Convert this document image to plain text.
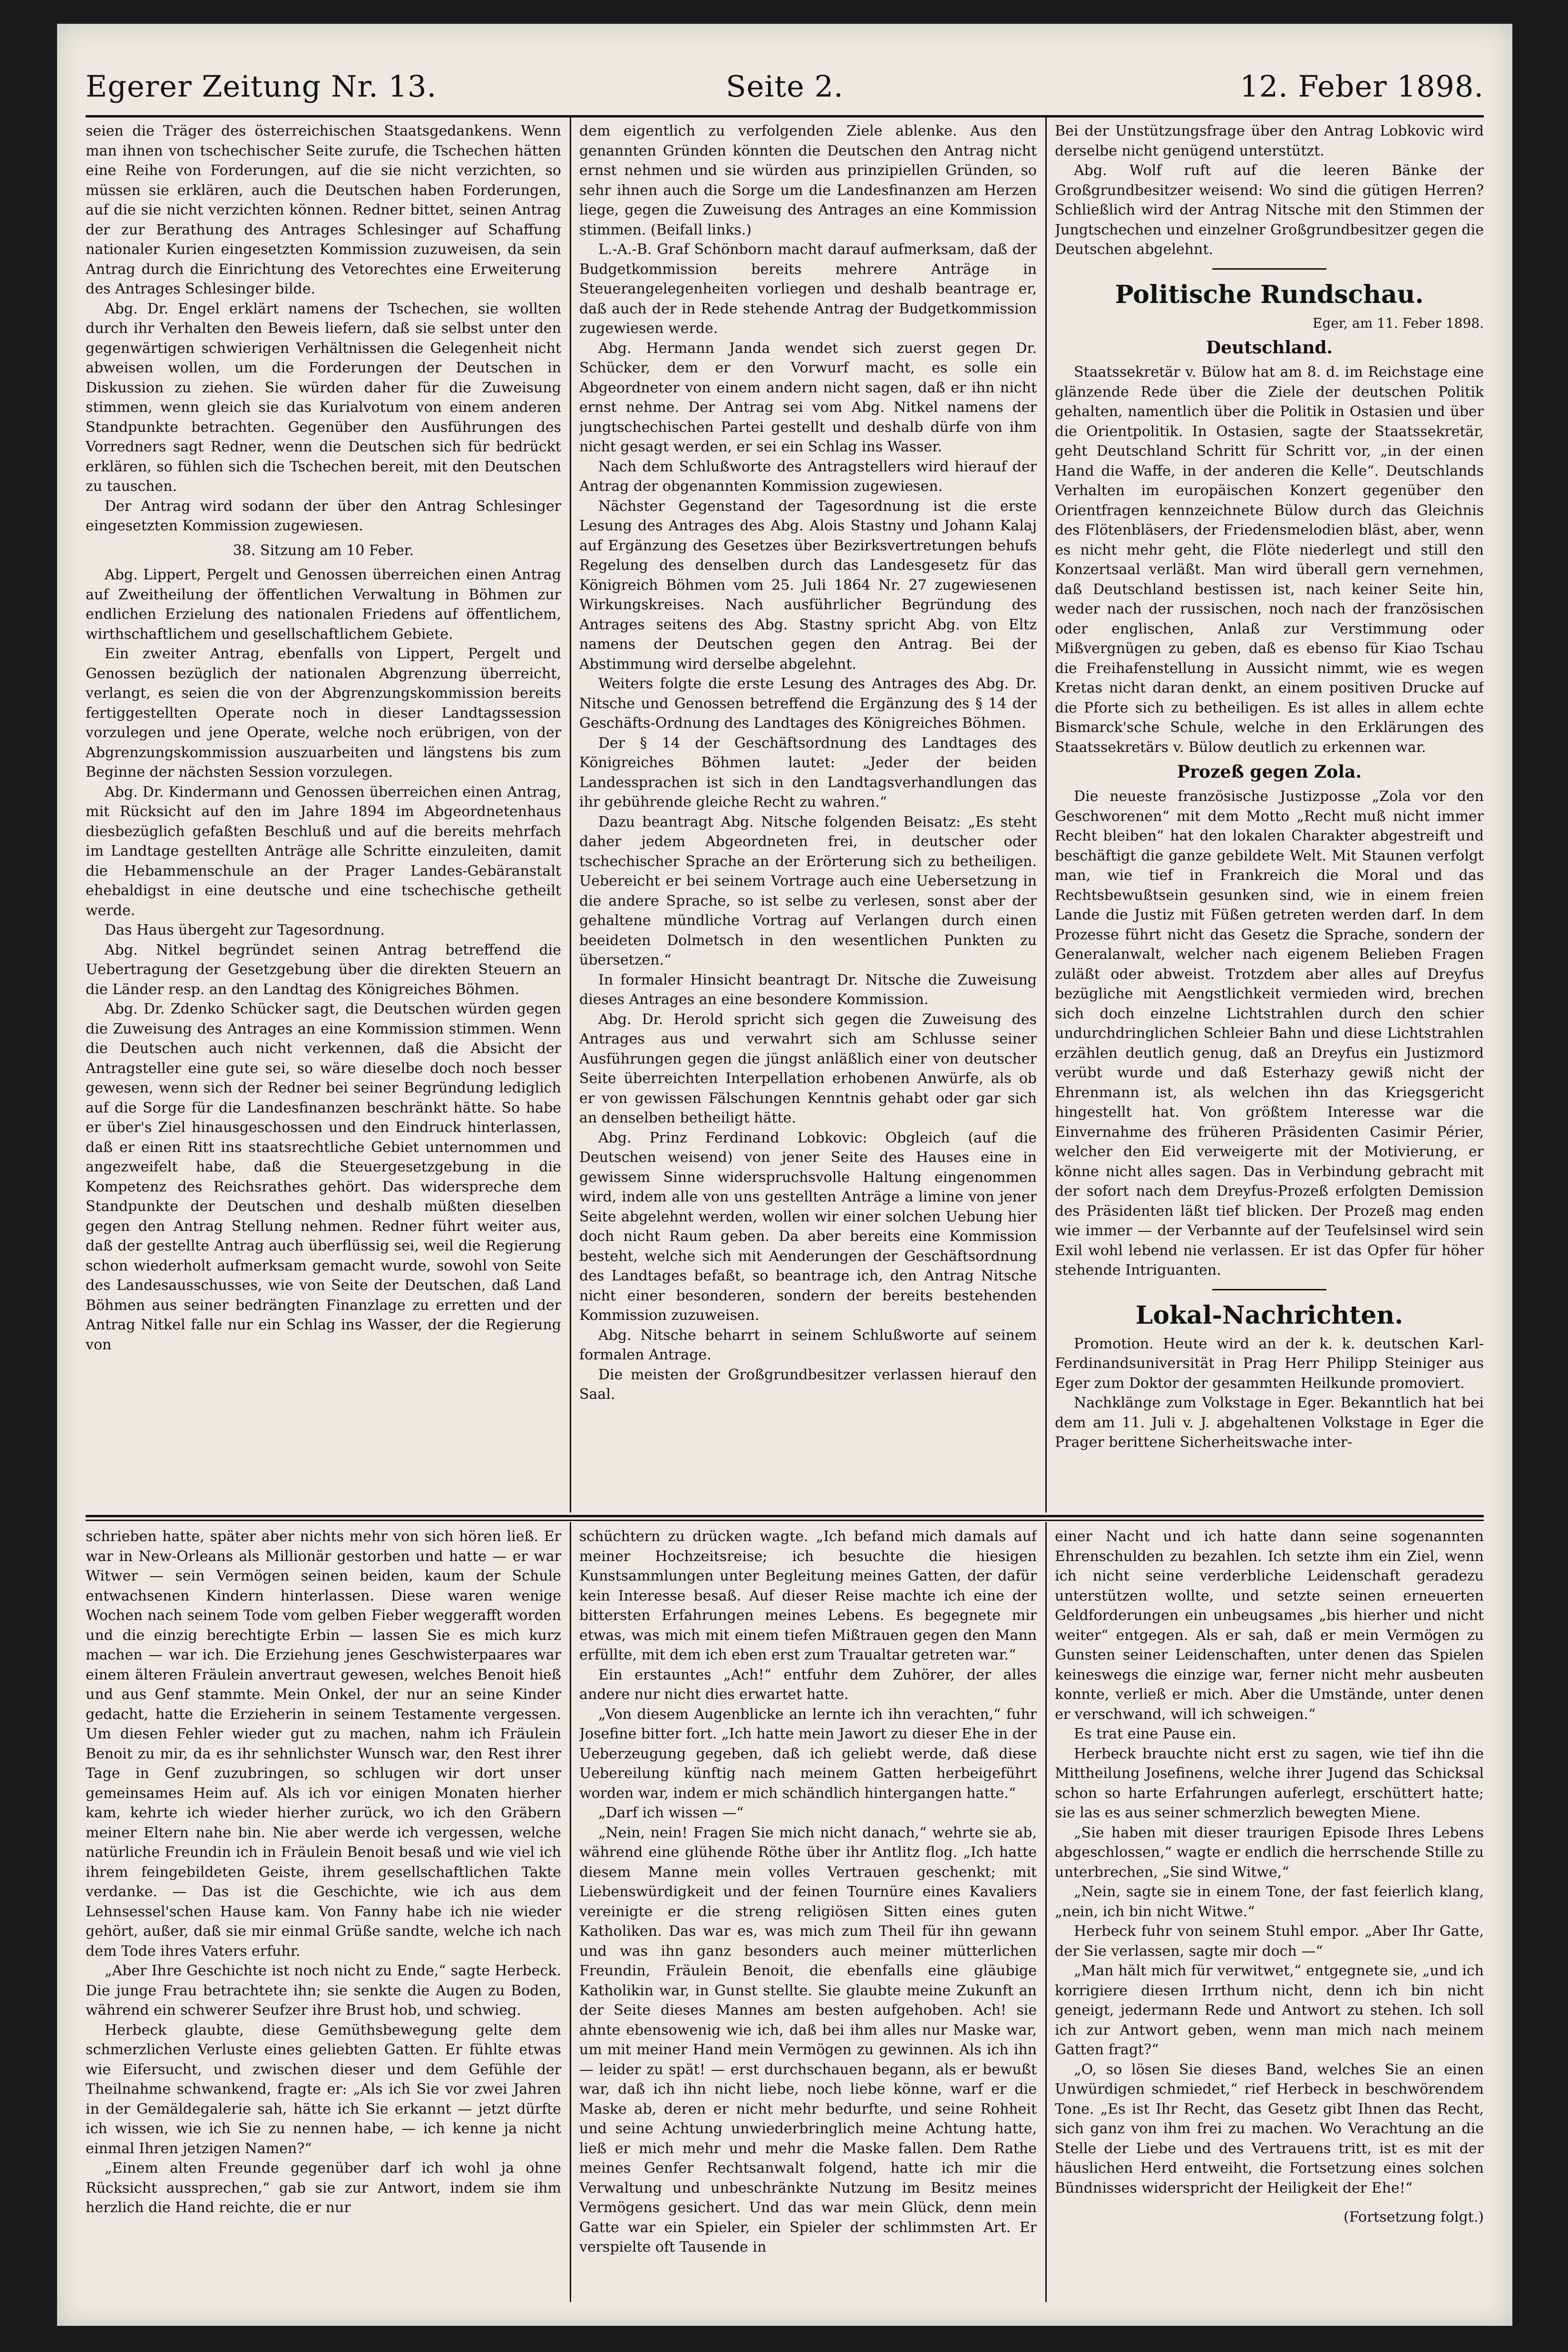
Egerer Zeitung Nr. 13.	Seite 2.	12. Feber 1898.

seien die Träger des österreichischen Staatsgedankens. Wenn man ihnen von tschechischer Seite zurufe, die Tschechen hätten eine Reihe von Forderungen, auf die sie nicht verzichten, so müssen sie erklären, auch die Deutschen haben Forderungen, auf die sie nicht verzichten können. Redner bittet, seinen Antrag der zur Berathung des Antrages Schlesinger auf Schaffung nationaler Kurien eingesetzten Kommission zuzuweisen, da sein Antrag durch die Einrichtung des Vetorechtes eine Erweiterung des Antrages Schlesinger bilde.

Abg. Dr. Engel erklärt namens der Tschechen, sie wollten durch ihr Verhalten den Beweis liefern, daß sie selbst unter den gegenwärtigen schwierigen Verhältnissen die Gelegenheit nicht abweisen wollen, um die Forderungen der Deutschen in Diskussion zu ziehen. Sie würden daher für die Zuweisung stimmen, wenn gleich sie das Kurialvotum von einem anderen Standpunkte betrachten. Gegenüber den Ausführungen des Vorredners sagt Redner, wenn die Deutschen sich für bedrückt erklären, so fühlen sich die Tschechen bereit, mit den Deutschen zu tauschen.

Der Antrag wird sodann der über den Antrag Schlesinger eingesetzten Kommission zugewiesen.

38. Sitzung am 10 Feber.

Abg. Lippert, Pergelt und Genossen überreichen einen Antrag auf Zweitheilung der öffentlichen Verwaltung in Böhmen zur endlichen Erzielung des nationalen Friedens auf öffentlichem, wirthschaftlichem und gesellschaftlichem Gebiete.

Ein zweiter Antrag, ebenfalls von Lippert, Pergelt und Genossen bezüglich der nationalen Abgrenzung überreicht, verlangt, es seien die von der Abgrenzungskommission bereits fertiggestellten Operate noch in dieser Landtagssession vorzulegen und jene Operate, welche noch erübrigen, von der Abgrenzungskommission auszuarbeiten und längstens bis zum Beginne der nächsten Session vorzulegen.

Abg. Dr. Kindermann und Genossen überreichen einen Antrag, mit Rücksicht auf den im Jahre 1894 im Abgeordnetenhaus diesbezüglich gefaßten Beschluß und auf die bereits mehrfach im Landtage gestellten Anträge alle Schritte einzuleiten, damit die Hebammenschule an der Prager Landes-Gebäranstalt ehebaldigst in eine deutsche und eine tschechische getheilt werde.

Das Haus übergeht zur Tagesordnung.

Abg. Nitkel begründet seinen Antrag betreffend die Uebertragung der Gesetzgebung über die direkten Steuern an die Länder resp. an den Landtag des Königreiches Böhmen.

Abg. Dr. Zdenko Schücker sagt, die Deutschen würden gegen die Zuweisung des Antrages an eine Kommission stimmen. Wenn die Deutschen auch nicht verkennen, daß die Absicht der Antragsteller eine gute sei, so wäre dieselbe doch noch besser gewesen, wenn sich der Redner bei seiner Begründung lediglich auf die Sorge für die Landesfinanzen beschränkt hätte. So habe er über's Ziel hinausgeschossen und den Eindruck hinterlassen, daß er einen Ritt ins staatsrechtliche Gebiet unternommen und angezweifelt habe, daß die Steuergesetzgebung in die Kompetenz des Reichsrathes gehört. Das widerspreche dem Standpunkte der Deutschen und deshalb müßten dieselben gegen den Antrag Stellung nehmen. Redner führt weiter aus, daß der gestellte Antrag auch überflüssig sei, weil die Regierung schon wiederholt aufmerksam gemacht wurde, sowohl von Seite des Landesausschusses, wie von Seite der Deutschen, daß Land Böhmen aus seiner bedrängten Finanzlage zu erretten und der Antrag Nitkel falle nur ein Schlag ins Wasser, der die Regierung von

dem eigentlich zu verfolgenden Ziele ablenke. Aus den genannten Gründen könnten die Deutschen den Antrag nicht ernst nehmen und sie würden aus prinzipiellen Gründen, so sehr ihnen auch die Sorge um die Landesfinanzen am Herzen liege, gegen die Zuweisung des Antrages an eine Kommission stimmen. (Beifall links.)

L.-A.-B. Graf Schönborn macht darauf aufmerksam, daß der Budgetkommission bereits mehrere Anträge in Steuerangelegenheiten vorliegen und deshalb beantrage er, daß auch der in Rede stehende Antrag der Budgetkommission zugewiesen werde.

Abg. Hermann Janda wendet sich zuerst gegen Dr. Schücker, dem er den Vorwurf macht, es solle ein Abgeordneter von einem andern nicht sagen, daß er ihn nicht ernst nehme. Der Antrag sei vom Abg. Nitkel namens der jungtschechischen Partei gestellt und deshalb dürfe von ihm nicht gesagt werden, er sei ein Schlag ins Wasser.

Nach dem Schlußworte des Antragstellers wird hierauf der Antrag der obgenannten Kommission zugewiesen.

Nächster Gegenstand der Tagesordnung ist die erste Lesung des Antrages des Abg. Alois Stastny und Johann Kalaj auf Ergänzung des Gesetzes über Bezirksvertretungen behufs Regelung des denselben durch das Landesgesetz für das Königreich Böhmen vom 25. Juli 1864 Nr. 27 zugewiesenen Wirkungskreises. Nach ausführlicher Begründung des Antrages seitens des Abg. Stastny spricht Abg. von Eltz namens der Deutschen gegen den Antrag. Bei der Abstimmung wird derselbe abgelehnt.

Weiters folgte die erste Lesung des Antrages des Abg. Dr. Nitsche und Genossen betreffend die Ergänzung des § 14 der Geschäfts-Ordnung des Landtages des Königreiches Böhmen.

Der § 14 der Geschäftsordnung des Landtages des Königreiches Böhmen lautet: „Jeder der beiden Landessprachen ist sich in den Landtagsverhandlungen das ihr gebührende gleiche Recht zu wahren.“

Dazu beantragt Abg. Nitsche folgenden Beisatz: „Es steht daher jedem Abgeordneten frei, in deutscher oder tschechischer Sprache an der Erörterung sich zu betheiligen. Uebereicht er bei seinem Vortrage auch eine Uebersetzung in die andere Sprache, so ist selbe zu verlesen, sonst aber der gehaltene mündliche Vortrag auf Verlangen durch einen beeideten Dolmetsch in den wesentlichen Punkten zu übersetzen.“

In formaler Hinsicht beantragt Dr. Nitsche die Zuweisung dieses Antrages an eine besondere Kommission.

Abg. Dr. Herold spricht sich gegen die Zuweisung des Antrages aus und verwahrt sich am Schlusse seiner Ausführungen gegen die jüngst anläßlich einer von deutscher Seite überreichten Interpellation erhobenen Anwürfe, als ob er von gewissen Fälschungen Kenntnis gehabt oder gar sich an denselben betheiligt hätte.

Abg. Prinz Ferdinand Lobkovic: Obgleich (auf die Deutschen weisend) von jener Seite des Hauses eine in gewissem Sinne widerspruchsvolle Haltung eingenommen wird, indem alle von uns gestellten Anträge a limine von jener Seite abgelehnt werden, wollen wir einer solchen Uebung hier doch nicht Raum geben. Da aber bereits eine Kommission besteht, welche sich mit Aenderungen der Geschäftsordnung des Landtages befaßt, so beantrage ich, den Antrag Nitsche nicht einer besonderen, sondern der bereits bestehenden Kommission zuzuweisen.

Abg. Nitsche beharrt in seinem Schlußworte auf seinem formalen Antrage.

Die meisten der Großgrundbesitzer verlassen hierauf den Saal.

Bei der Unstützungsfrage über den Antrag Lobkovic wird derselbe nicht genügend unterstützt.

Abg. Wolf ruft auf die leeren Bänke der Großgrundbesitzer weisend: Wo sind die gütigen Herren? Schließlich wird der Antrag Nitsche mit den Stimmen der Jungtschechen und einzelner Großgrundbesitzer gegen die Deutschen abgelehnt.

Politische Rundschau.
Eger, am 11. Feber 1898.
Deutschland.

Staatssekretär v. Bülow hat am 8. d. im Reichstage eine glänzende Rede über die Ziele der deutschen Politik gehalten, namentlich über die Politik in Ostasien und über die Orientpolitik. In Ostasien, sagte der Staatssekretär, geht Deutschland Schritt für Schritt vor, „in der einen Hand die Waffe, in der anderen die Kelle“. Deutschlands Verhalten im europäischen Konzert gegenüber den Orientfragen kennzeichnete Bülow durch das Gleichnis des Flötenbläsers, der Friedensmelodien bläst, aber, wenn es nicht mehr geht, die Flöte niederlegt und still den Konzertsaal verläßt. Man wird überall gern vernehmen, daß Deutschland bestissen ist, nach keiner Seite hin, weder nach der russischen, noch nach der französischen oder englischen, Anlaß zur Verstimmung oder Mißvergnügen zu geben, daß es ebenso für Kiao Tschau die Freihafenstellung in Aussicht nimmt, wie es wegen Kretas nicht daran denkt, an einem positiven Drucke auf die Pforte sich zu betheiligen. Es ist alles in allem echte Bismarck'sche Schule, welche in den Erklärungen des Staatssekretärs v. Bülow deutlich zu erkennen war.

Prozeß gegen Zola.

Die neueste französische Justizposse „Zola vor den Geschworenen“ mit dem Motto „Recht muß nicht immer Recht bleiben“ hat den lokalen Charakter abgestreift und beschäftigt die ganze gebildete Welt. Mit Staunen verfolgt man, wie tief in Frankreich die Moral und das Rechtsbewußtsein gesunken sind, wie in einem freien Lande die Justiz mit Füßen getreten werden darf. In dem Prozesse führt nicht das Gesetz die Sprache, sondern der Generalanwalt, welcher nach eigenem Belieben Fragen zuläßt oder abweist. Trotzdem aber alles auf Dreyfus bezügliche mit Aengstlichkeit vermieden wird, brechen sich doch einzelne Lichtstrahlen durch den schier undurchdringlichen Schleier Bahn und diese Lichtstrahlen erzählen deutlich genug, daß an Dreyfus ein Justizmord verübt wurde und daß Esterhazy gewiß nicht der Ehrenmann ist, als welchen ihn das Kriegsgericht hingestellt hat. Von größtem Interesse war die Einvernahme des früheren Präsidenten Casimir Périer, welcher den Eid verweigerte mit der Motivierung, er könne nicht alles sagen. Das in Verbindung gebracht mit der sofort nach dem Dreyfus-Prozeß erfolgten Demission des Präsidenten läßt tief blicken. Der Prozeß mag enden wie immer — der Verbannte auf der Teufelsinsel wird sein Exil wohl lebend nie verlassen. Er ist das Opfer für höher stehende Intriguanten.

Lokal-Nachrichten.

Promotion. Heute wird an der k. k. deutschen Karl-Ferdinandsuniversität in Prag Herr Philipp Steiniger aus Eger zum Doktor der gesammten Heilkunde promoviert.

Nachklänge zum Volkstage in Eger. Bekanntlich hat bei dem am 11. Juli v. J. abgehaltenen Volkstage in Eger die Prager berittene Sicherheitswache inter-

schrieben hatte, später aber nichts mehr von sich hören ließ. Er war in New-Orleans als Millionär gestorben und hatte — er war Witwer — sein Vermögen seinen beiden, kaum der Schule entwachsenen Kindern hinterlassen. Diese waren wenige Wochen nach seinem Tode vom gelben Fieber weggerafft worden und die einzig berechtigte Erbin — lassen Sie es mich kurz machen — war ich. Die Erziehung jenes Geschwisterpaares war einem älteren Fräulein anvertraut gewesen, welches Benoit hieß und aus Genf stammte. Mein Onkel, der nur an seine Kinder gedacht, hatte die Erzieherin in seinem Testamente vergessen. Um diesen Fehler wieder gut zu machen, nahm ich Fräulein Benoit zu mir, da es ihr sehnlichster Wunsch war, den Rest ihrer Tage in Genf zuzubringen, so schlugen wir dort unser gemeinsames Heim auf. Als ich vor einigen Monaten hierher kam, kehrte ich wieder hierher zurück, wo ich den Gräbern meiner Eltern nahe bin. Nie aber werde ich vergessen, welche natürliche Freundin ich in Fräulein Benoit besaß und wie viel ich ihrem feingebildeten Geiste, ihrem gesellschaftlichen Takte verdanke. — Das ist die Geschichte, wie ich aus dem Lehnsessel'schen Hause kam. Von Fanny habe ich nie wieder gehört, außer, daß sie mir einmal Grüße sandte, welche ich nach dem Tode ihres Vaters erfuhr.

„Aber Ihre Geschichte ist noch nicht zu Ende,“ sagte Herbeck. Die junge Frau betrachtete ihn; sie senkte die Augen zu Boden, während ein schwerer Seufzer ihre Brust hob, und schwieg.

Herbeck glaubte, diese Gemüthsbewegung gelte dem schmerzlichen Verluste eines geliebten Gatten. Er fühlte etwas wie Eifersucht, und zwischen dieser und dem Gefühle der Theilnahme schwankend, fragte er: „Als ich Sie vor zwei Jahren in der Gemäldegalerie sah, hätte ich Sie erkannt — jetzt dürfte ich wissen, wie ich Sie zu nennen habe, — ich kenne ja nicht einmal Ihren jetzigen Namen?“

„Einem alten Freunde gegenüber darf ich wohl ja ohne Rücksicht aussprechen,“ gab sie zur Antwort, indem sie ihm herzlich die Hand reichte, die er nur

schüchtern zu drücken wagte. „Ich befand mich damals auf meiner Hochzeitsreise; ich besuchte die hiesigen Kunstsammlungen unter Begleitung meines Gatten, der dafür kein Interesse besaß. Auf dieser Reise machte ich eine der bittersten Erfahrungen meines Lebens. Es begegnete mir etwas, was mich mit einem tiefen Mißtrauen gegen den Mann erfüllte, mit dem ich eben erst zum Traualtar getreten war.“

Ein erstauntes „Ach!“ entfuhr dem Zuhörer, der alles andere nur nicht dies erwartet hatte.

„Von diesem Augenblicke an lernte ich ihn verachten,“ fuhr Josefine bitter fort. „Ich hatte mein Jawort zu dieser Ehe in der Ueberzeugung gegeben, daß ich geliebt werde, daß diese Uebereilung künftig nach meinem Gatten herbeigeführt worden war, indem er mich schändlich hintergangen hatte.“

„Darf ich wissen —“

„Nein, nein! Fragen Sie mich nicht danach,“ wehrte sie ab, während eine glühende Röthe über ihr Antlitz flog. „Ich hatte diesem Manne mein volles Vertrauen geschenkt; mit Liebenswürdigkeit und der feinen Tournüre eines Kavaliers vereinigte er die streng religiösen Sitten eines guten Katholiken. Das war es, was mich zum Theil für ihn gewann und was ihn ganz besonders auch meiner mütterlichen Freundin, Fräulein Benoit, die ebenfalls eine gläubige Katholikin war, in Gunst stellte. Sie glaubte meine Zukunft an der Seite dieses Mannes am besten aufgehoben. Ach! sie ahnte ebensowenig wie ich, daß bei ihm alles nur Maske war, um mit meiner Hand mein Vermögen zu gewinnen. Als ich ihn — leider zu spät! — erst durchschauen begann, als er bewußt war, daß ich ihn nicht liebe, noch liebe könne, warf er die Maske ab, deren er nicht mehr bedurfte, und seine Rohheit und seine Achtung unwiederbringlich meine Achtung hatte, ließ er mich mehr und mehr die Maske fallen. Dem Rathe meines Genfer Rechtsanwalt folgend, hatte ich mir die Verwaltung und unbeschränkte Nutzung im Besitz meines Vermögens gesichert. Und das war mein Glück, denn mein Gatte war ein Spieler, ein Spieler der schlimmsten Art. Er verspielte oft Tausende in

einer Nacht und ich hatte dann seine sogenannten Ehrenschulden zu bezahlen. Ich setzte ihm ein Ziel, wenn ich nicht seine verderbliche Leidenschaft geradezu unterstützen wollte, und setzte seinen erneuerten Geldforderungen ein unbeugsames „bis hierher und nicht weiter“ entgegen. Als er sah, daß er mein Vermögen zu Gunsten seiner Leidenschaften, unter denen das Spielen keineswegs die einzige war, ferner nicht mehr ausbeuten konnte, verließ er mich. Aber die Umstände, unter denen er verschwand, will ich schweigen.“

Es trat eine Pause ein.

Herbeck brauchte nicht erst zu sagen, wie tief ihn die Mittheilung Josefinens, welche ihrer Jugend das Schicksal schon so harte Erfahrungen auferlegt, erschüttert hatte; sie las es aus seiner schmerzlich bewegten Miene.

„Sie haben mit dieser traurigen Episode Ihres Lebens abgeschlossen,“ wagte er endlich die herrschende Stille zu unterbrechen, „Sie sind Witwe,“

„Nein, sagte sie in einem Tone, der fast feierlich klang, „nein, ich bin nicht Witwe.“

Herbeck fuhr von seinem Stuhl empor. „Aber Ihr Gatte, der Sie verlassen, sagte mir doch —“

„Man hält mich für verwitwet,“ entgegnete sie, „und ich korrigiere diesen Irrthum nicht, denn ich bin nicht geneigt, jedermann Rede und Antwort zu stehen. Ich soll ich zur Antwort geben, wenn man mich nach meinem Gatten fragt?“

„O, so lösen Sie dieses Band, welches Sie an einen Unwürdigen schmiedet,“ rief Herbeck in beschwörendem Tone. „Es ist Ihr Recht, das Gesetz gibt Ihnen das Recht, sich ganz von ihm frei zu machen. Wo Verachtung an die Stelle der Liebe und des Vertrauens tritt, ist es mit der häuslichen Herd entweiht, die Fortsetzung eines solchen Bündnisses widerspricht der Heiligkeit der Ehe!“

(Fortsetzung folgt.)
